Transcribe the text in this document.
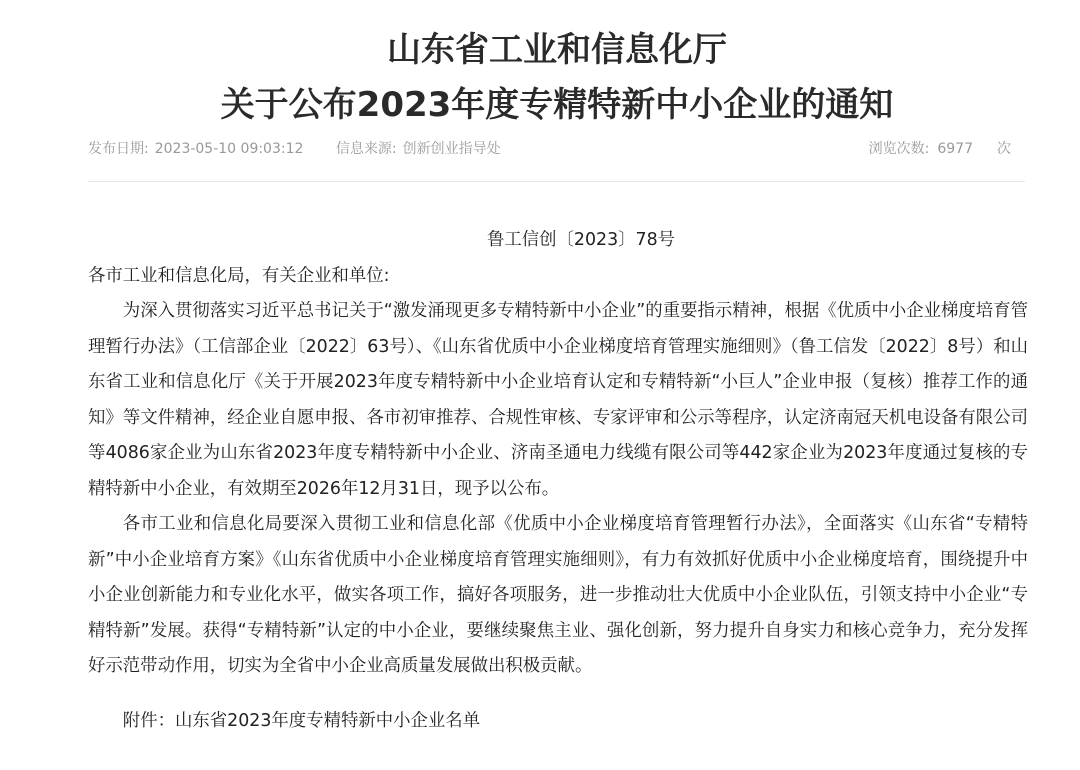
山东省工业和信息化厅
关于公布2023年度专精特新中小企业的通知
发布日期: 2023-05-10 09:03:12 信息来源: 创新创业指导处	浏览次数: 6977 次
鲁工信创〔2023〕78号
各市工业和信息化局，有关企业和单位:

为深入贯彻落实习近平总书记关于“激发涌现更多专精特新中小企业”的重要指示精神，根据《优质中小企业梯度培育管理暂行办法》（工信部企业〔2022〕63号）、《山东省优质中小企业梯度培育管理实施细则》（鲁工信发〔2022〕8号）和山东省工业和信息化厅《关于开展2023年度专精特新中小企业培育认定和专精特新“小巨人”企业申报（复核）推荐工作的通知》等文件精神，经企业自愿申报、各市初审推荐、合规性审核、专家评审和公示等程序，认定济南冠天机电设备有限公司等4086家企业为山东省2023年度专精特新中小企业、济南圣通电力线缆有限公司等442家企业为2023年度通过复核的专精特新中小企业，有效期至2026年12月31日，现予以公布。

各市工业和信息化局要深入贯彻工业和信息化部《优质中小企业梯度培育管理暂行办法》，全面落实《山东省“专精特新”中小企业培育方案》《山东省优质中小企业梯度培育管理实施细则》，有力有效抓好优质中小企业梯度培育，围绕提升中小企业创新能力和专业化水平，做实各项工作，搞好各项服务，进一步推动壮大优质中小企业队伍，引领支持中小企业“专精特新”发展。获得“专精特新”认定的中小企业，要继续聚焦主业、强化创新，努力提升自身实力和核心竞争力，充分发挥好示范带动作用，切实为全省中小企业高质量发展做出积极贡献。

附件：山东省2023年度专精特新中小企业名单
